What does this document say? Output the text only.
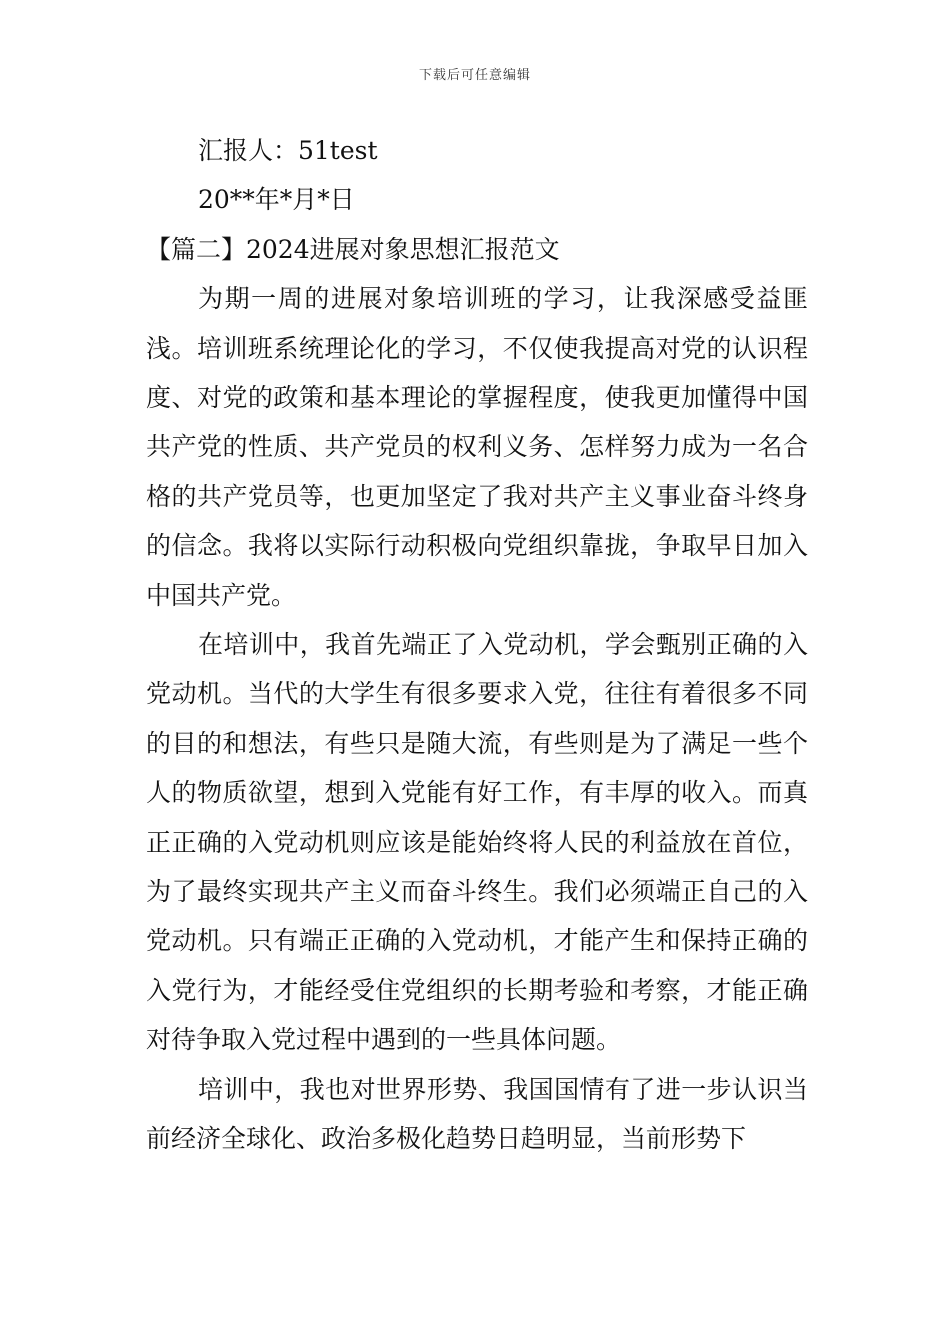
下载后可任意编辑
汇报人：51test
20**年*月*日
【篇二】2024进展对象思想汇报范文

为期一周的进展对象培训班的学习，让我深感受益匪浅。培训班系统理论化的学习，不仅使我提高对党的认识程度、对党的政策和基本理论的掌握程度，使我更加懂得中国共产党的性质、共产党员的权利义务、怎样努力成为一名合格的共产党员等，也更加坚定了我对共产主义事业奋斗终身的信念。我将以实际行动积极向党组织靠拢，争取早日加入中国共产党。

在培训中，我首先端正了入党动机，学会甄别正确的入党动机。当代的大学生有很多要求入党，往往有着很多不同的目的和想法，有些只是随大流，有些则是为了满足一些个人的物质欲望，想到入党能有好工作，有丰厚的收入。而真正正确的入党动机则应该是能始终将人民的利益放在首位，为了最终实现共产主义而奋斗终生。我们必须端正自己的入党动机。只有端正正确的入党动机，才能产生和保持正确的入党行为，才能经受住党组织的长期考验和考察，才能正确对待争取入党过程中遇到的一些具体问题。

培训中，我也对世界形势、我国国情有了进一步认识当前经济全球化、政治多极化趋势日趋明显，当前形势下
